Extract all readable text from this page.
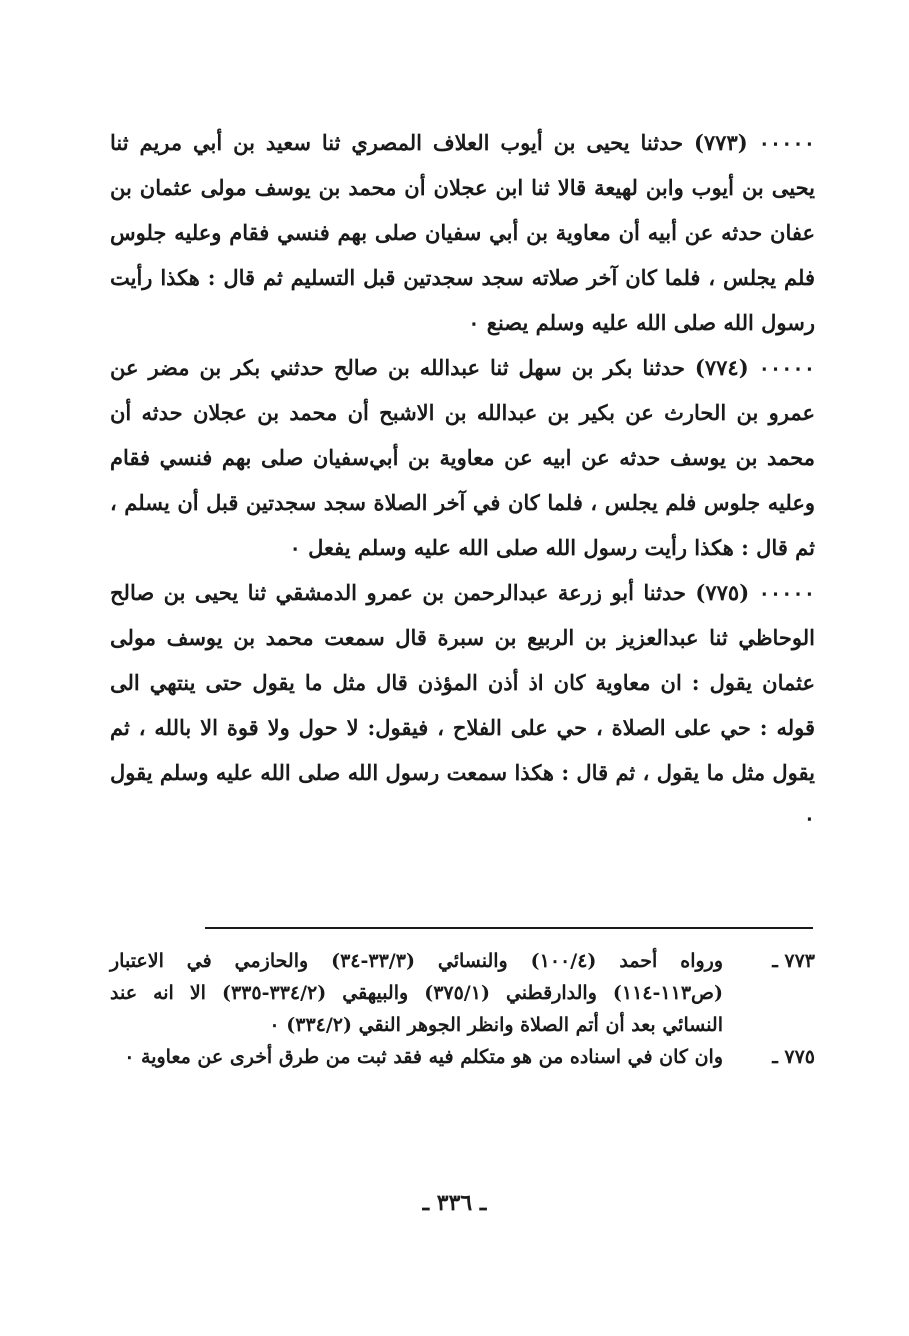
٠٠٠٠٠ (٧٧٣) حدثنا يحيى بن أيوب العلاف المصري ثنا سعيد بن أبي مريم ثنا يحيى بن أيوب وابن لهيعة قالا ثنا ابن عجلان أن محمد بن يوسف مولى عثمان بن عفان حدثه عن أبيه أن معاوية بن أبي سفيان صلى بهم فنسي فقام وعليه جلوس فلم يجلس ، فلما كان آخر صلاته سجد سجدتين قبل التسليم ثم قال : هكذا رأيت رسول الله صلى الله عليه وسلم يصنع ٠

٠٠٠٠٠ (٧٧٤) حدثنا بكر بن سهل ثنا عبدالله بن صالح حدثني بكر بن مضر عن عمرو بن الحارث عن بكير بن عبدالله بن الاشبح أن محمد بن عجلان حدثه أن محمد بن يوسف حدثه عن ابيه عن معاوية بن أبي‌سفيان صلى بهم فنسي فقام وعليه جلوس فلم يجلس ، فلما كان في آخر الصلاة سجد سجدتين قبل أن يسلم ، ثم قال : هكذا رأيت رسول الله صلى الله عليه وسلم يفعل ٠

٠٠٠٠٠ (٧٧٥) حدثنا أبو زرعة عبدالرحمن بن عمرو الدمشقي ثنا يحيى بن صالح الوحاظي ثنا عبدالعزيز بن الربيع بن سبرة قال سمعت محمد بن يوسف مولى عثمان يقول : ان معاوية كان اذ أذن المؤذن قال مثل ما يقول حتى ينتهي الى قوله : حي على الصلاة ، حي على الفلاح ، فيقول: لا حول ولا قوة الا بالله ، ثم يقول مثل ما يقول ، ثم قال : هكذا سمعت رسول الله صلى الله عليه وسلم يقول ٠

٧٧٣ ـ
ورواه أحمد (١٠٠/٤) والنسائي (٣٣/٣-٣٤) والحازمي في الاعتبار (ص١١٣-١١٤) والدارقطني (٣٧٥/١) والبيهقي (٣٣٤/٢-٣٣٥) الا انه عند النسائي بعد أن أتم الصلاة وانظر الجوهر النقي (٣٣٤/٢) ٠
٧٧٥ ـ
وان كان في اسناده من هو متكلم فيه فقد ثبت من طرق أخرى عن معاوية ٠
ـ ٣٣٦ ـ
